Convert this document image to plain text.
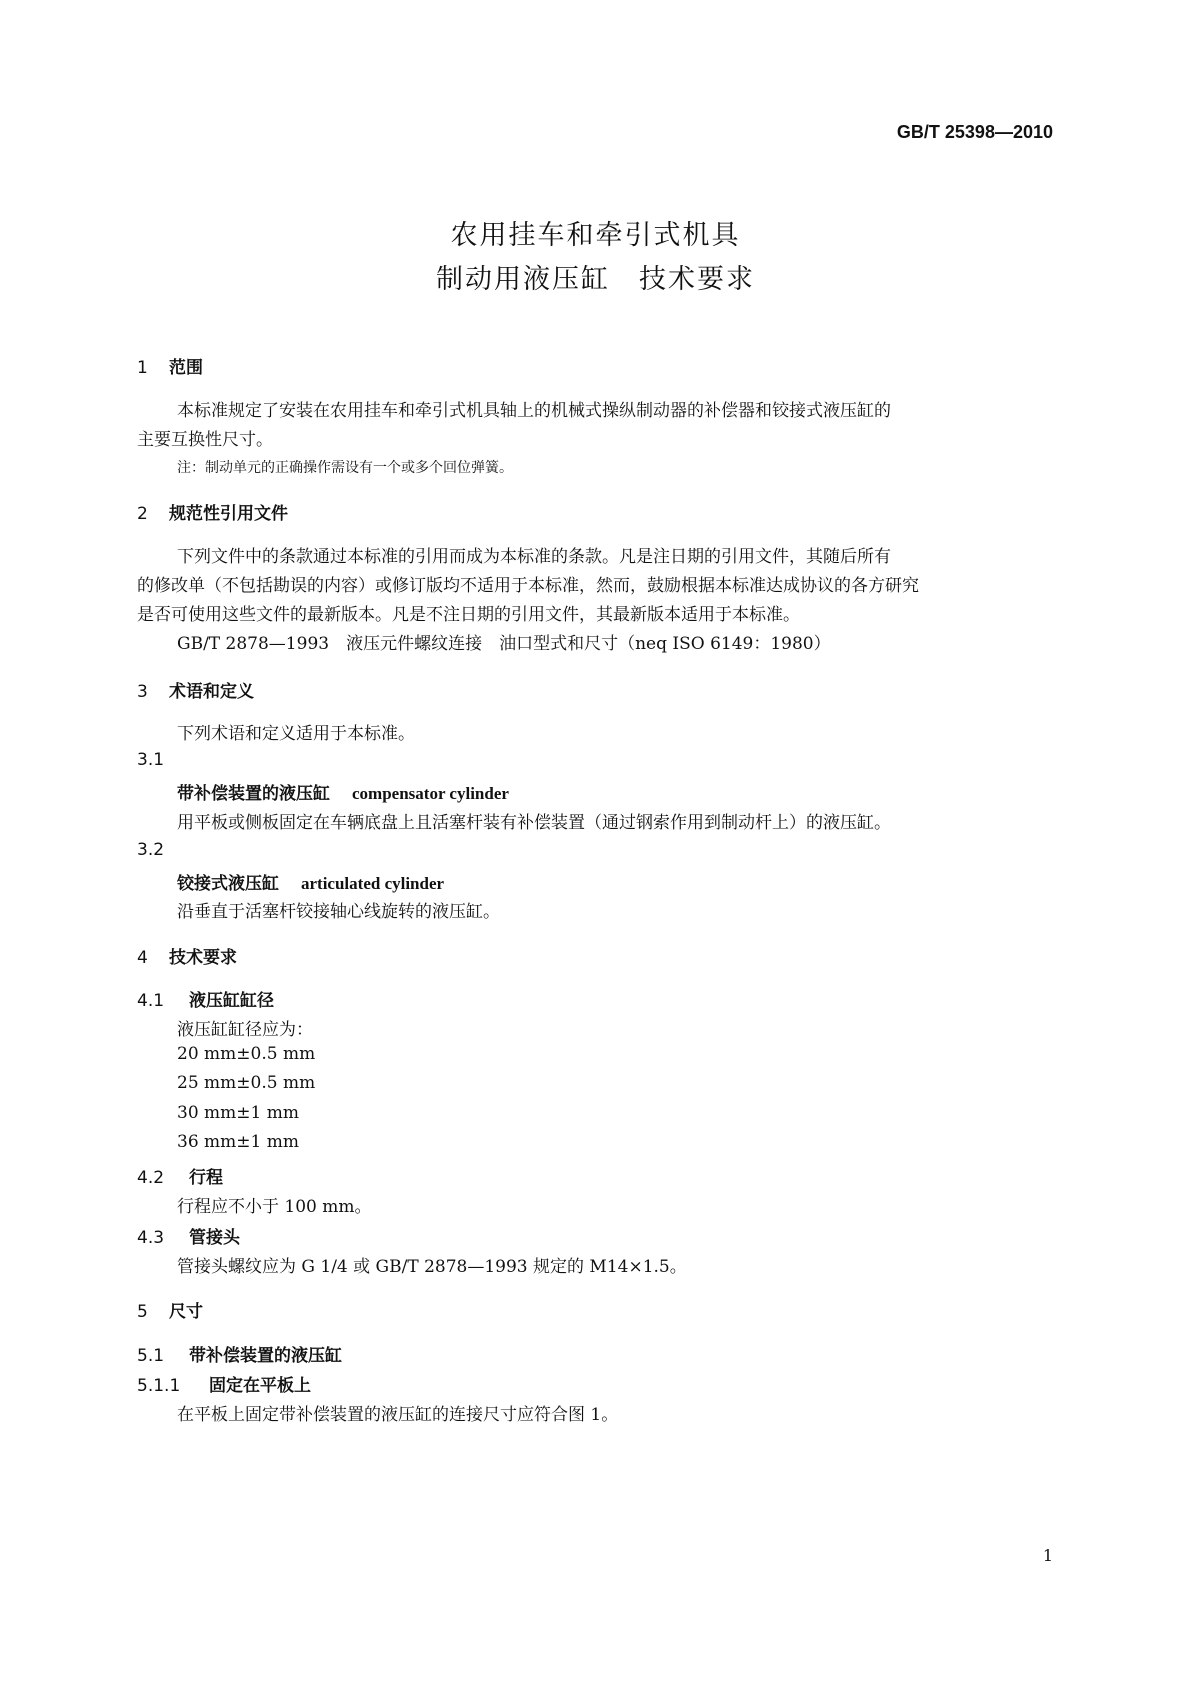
GB/T 25398—2010
农用挂车和牵引式机具
制动用液压缸　技术要求
1 范围
本标准规定了安装在农用挂车和牵引式机具轴上的机械式操纵制动器的补偿器和铰接式液压缸的
主要互换性尺寸。
注：制动单元的正确操作需设有一个或多个回位弹簧。
2 规范性引用文件
下列文件中的条款通过本标准的引用而成为本标准的条款。凡是注日期的引用文件，其随后所有
的修改单（不包括勘误的内容）或修订版均不适用于本标准，然而，鼓励根据本标准达成协议的各方研究
是否可使用这些文件的最新版本。凡是不注日期的引用文件，其最新版本适用于本标准。
GB/T 2878—1993　液压元件螺纹连接　油口型式和尺寸（neq ISO 6149：1980）
3 术语和定义
下列术语和定义适用于本标准。
3.1
带补偿装置的液压缸 compensator cylinder
用平板或侧板固定在车辆底盘上且活塞杆装有补偿装置（通过钢索作用到制动杆上）的液压缸。
3.2
铰接式液压缸 articulated cylinder
沿垂直于活塞杆铰接轴心线旋转的液压缸。
4 技术要求
4.1 液压缸缸径
液压缸缸径应为：
20 mm±0.5 mm
25 mm±0.5 mm
30 mm±1 mm
36 mm±1 mm
4.2 行程
行程应不小于 100 mm。
4.3 管接头
管接头螺纹应为 G 1/4 或 GB/T 2878—1993 规定的 M14×1.5。
5 尺寸
5.1 带补偿装置的液压缸
5.1.1 固定在平板上
在平板上固定带补偿装置的液压缸的连接尺寸应符合图 1。
1
